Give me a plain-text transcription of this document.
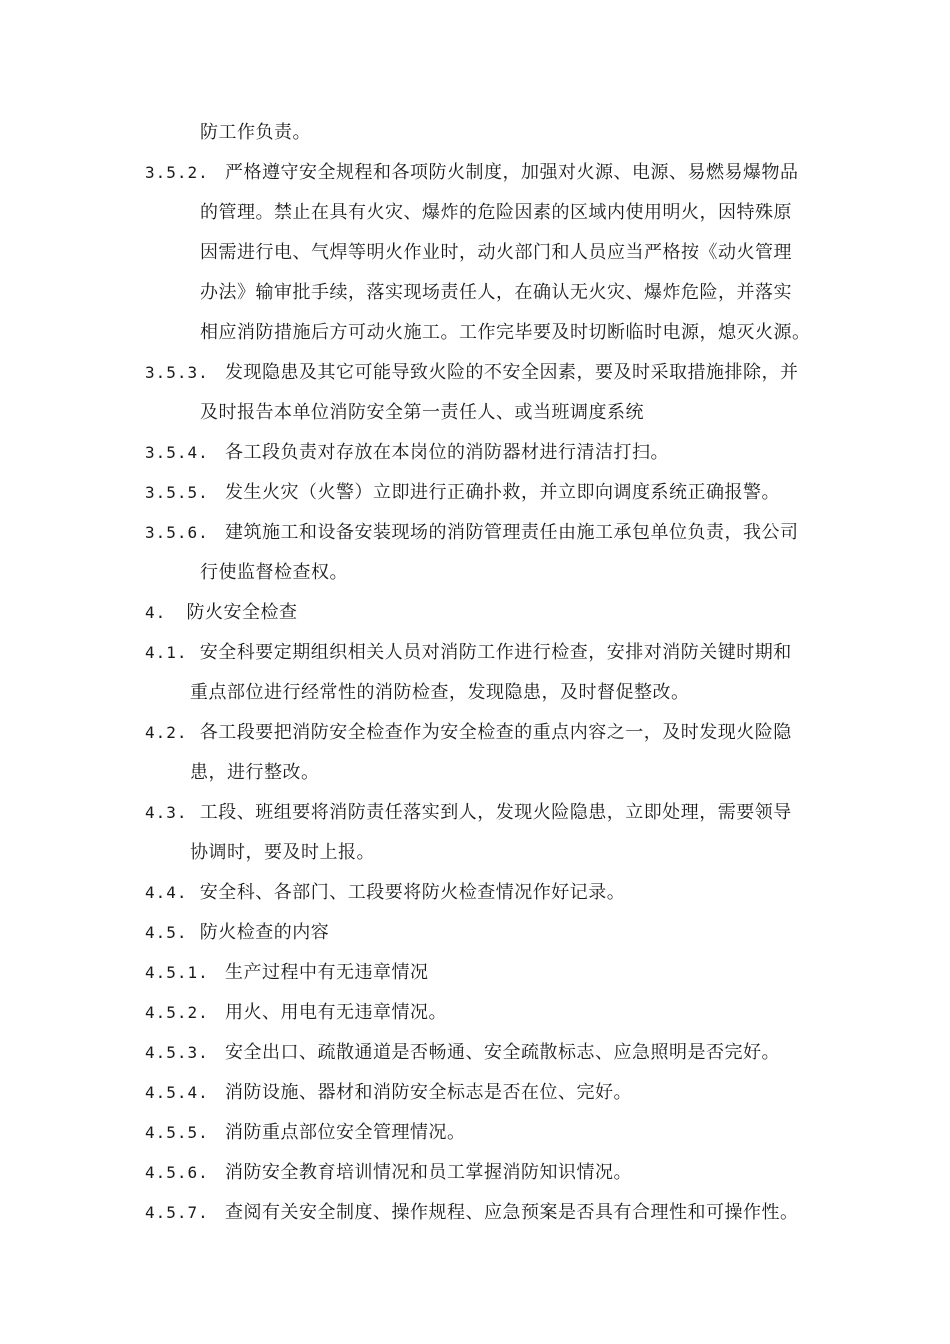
防工作负责。
3.5.2. 严格遵守安全规程和各项防火制度，加强对火源、电源、易燃易爆物品
的管理。禁止在具有火灾、爆炸的危险因素的区域内使用明火，因特殊原
因需进行电、气焊等明火作业时，动火部门和人员应当严格按《动火管理
办法》输审批手续，落实现场责任人，在确认无火灾、爆炸危险，并落实
相应消防措施后方可动火施工。工作完毕要及时切断临时电源，熄灭火源。
3.5.3. 发现隐患及其它可能导致火险的不安全因素，要及时采取措施排除，并
及时报告本单位消防安全第一责任人、或当班调度系统
3.5.4. 各工段负责对存放在本岗位的消防器材进行清洁打扫。
3.5.5. 发生火灾（火警）立即进行正确扑救，并立即向调度系统正确报警。
3.5.6. 建筑施工和设备安装现场的消防管理责任由施工承包单位负责，我公司
行使监督检查权。
4. 防火安全检查
4.1. 安全科要定期组织相关人员对消防工作进行检查，安排对消防关键时期和
重点部位进行经常性的消防检查，发现隐患，及时督促整改。
4.2. 各工段要把消防安全检查作为安全检查的重点内容之一，及时发现火险隐
患，进行整改。
4.3. 工段、班组要将消防责任落实到人，发现火险隐患，立即处理，需要领导
协调时，要及时上报。
4.4. 安全科、各部门、工段要将防火检查情况作好记录。
4.5. 防火检查的内容
4.5.1. 生产过程中有无违章情况
4.5.2. 用火、用电有无违章情况。
4.5.3. 安全出口、疏散通道是否畅通、安全疏散标志、应急照明是否完好。
4.5.4. 消防设施、器材和消防安全标志是否在位、完好。
4.5.5. 消防重点部位安全管理情况。
4.5.6. 消防安全教育培训情况和员工掌握消防知识情况。
4.5.7. 查阅有关安全制度、操作规程、应急预案是否具有合理性和可操作性。
